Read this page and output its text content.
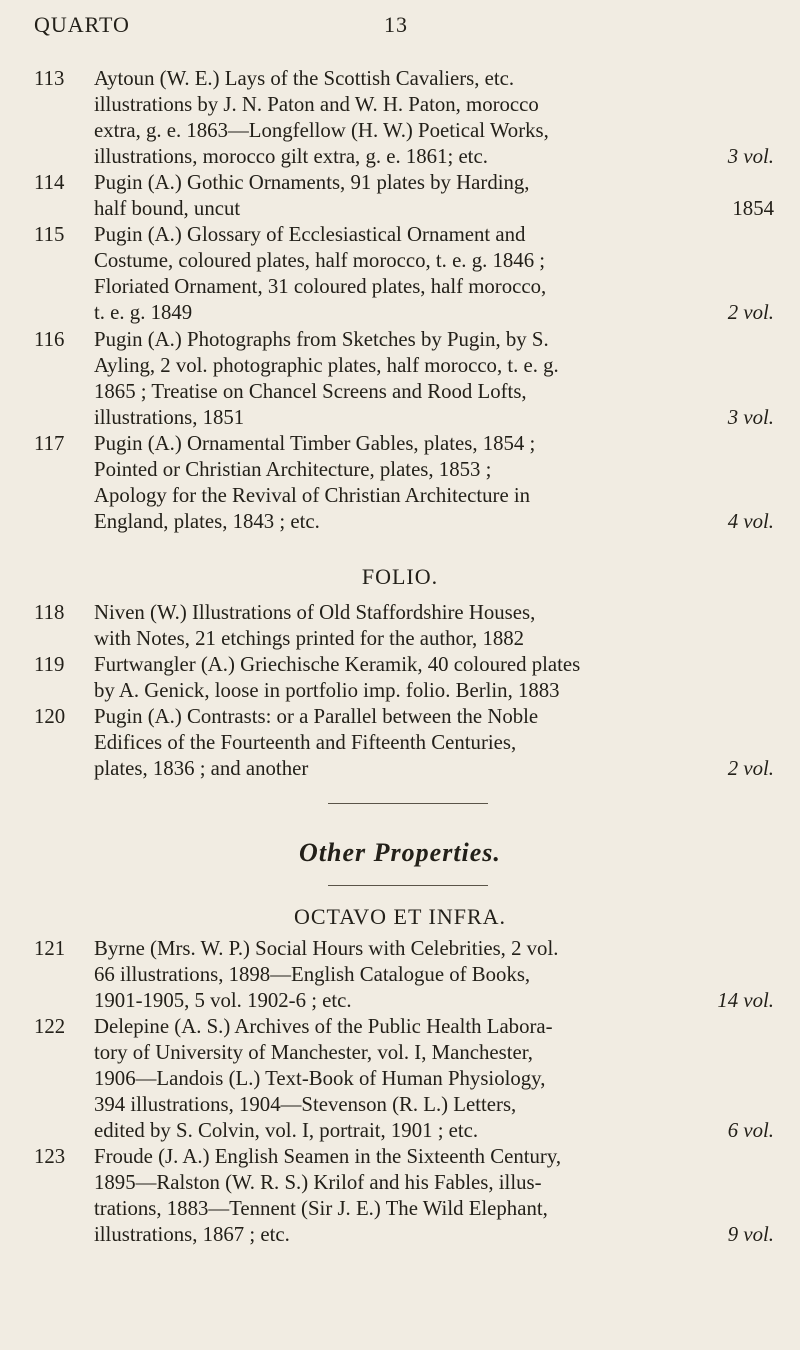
QUARTO	13
113	Aytoun (W. E.) Lays of the Scottish Cavaliers, etc.
illustrations by J. N. Paton and W. H. Paton, morocco
extra, g. e. 1863—Longfellow (H. W.) Poetical Works,
illustrations, morocco gilt extra, g. e. 1861; etc.	3 vol.
114	Pugin (A.) Gothic Ornaments, 91 plates by Harding,
half bound, uncut	1854
115	Pugin (A.) Glossary of Ecclesiastical Ornament and
Costume, coloured plates, half morocco, t. e. g. 1846 ;
Floriated Ornament, 31 coloured plates, half morocco,
t. e. g. 1849	2 vol.
116	Pugin (A.) Photographs from Sketches by Pugin, by S.
Ayling, 2 vol. photographic plates, half morocco, t. e. g.
1865 ; Treatise on Chancel Screens and Rood Lofts,
illustrations, 1851	3 vol.
117	Pugin (A.) Ornamental Timber Gables, plates, 1854 ;
Pointed or Christian Architecture, plates, 1853 ;
Apology for the Revival of Christian Architecture in
England, plates, 1843 ; etc.	4 vol.
FOLIO.
118	Niven (W.) Illustrations of Old Staffordshire Houses,
with Notes, 21 etchings printed for the author, 1882
119	Furtwangler (A.) Griechische Keramik, 40 coloured plates
by A. Genick, loose in portfolio imp. folio. Berlin, 1883
120	Pugin (A.) Contrasts: or a Parallel between the Noble
Edifices of the Fourteenth and Fifteenth Centuries,
plates, 1836 ; and another	2 vol.
Other Properties.
OCTAVO ET INFRA.
121	Byrne (Mrs. W. P.) Social Hours with Celebrities, 2 vol.
66 illustrations, 1898—English Catalogue of Books,
1901-1905, 5 vol. 1902-6 ; etc.	14 vol.
122	Delepine (A. S.) Archives of the Public Health Labora-
tory of University of Manchester, vol. I, Manchester,
1906—Landois (L.) Text-Book of Human Physiology,
394 illustrations, 1904—Stevenson (R. L.) Letters,
edited by S. Colvin, vol. I, portrait, 1901 ; etc.	6 vol.
123	Froude (J. A.) English Seamen in the Sixteenth Century,
1895—Ralston (W. R. S.) Krilof and his Fables, illus-
trations, 1883—Tennent (Sir J. E.) The Wild Elephant,
illustrations, 1867 ; etc.	9 vol.
